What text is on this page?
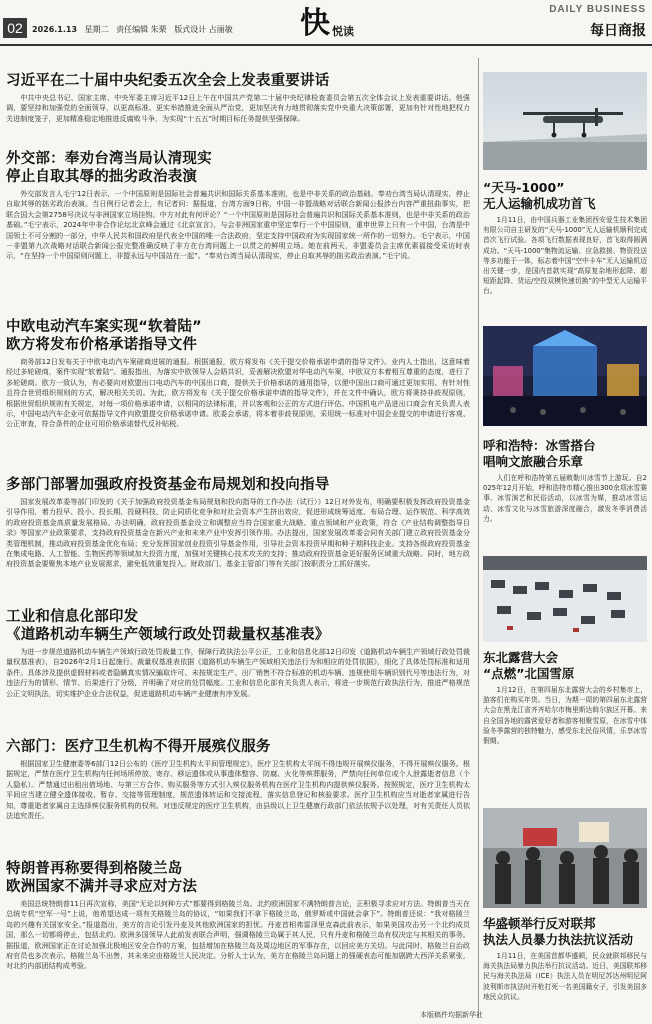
02	2026.1.13 星期二 责任编辑 朱栗 版式设计 占丽敏 快 悦读
DAILY BUSINESS
每日商报
习近平在二十届中央纪委五次全会上发表重要讲话

中共中央总书记、国家主席、中央军委主席习近平12日上午在中国共产党第二十届中央纪律检查委员会第五次全体会议上发表重要讲话。他强调，要坚持和加强党的全面领导，以更高标准、更实举措推进全面从严治党，更加坚决有力地贯彻落实党中央重大决策部署，更加有针对性地把权力关进制度笼子，更加精准稳定地推进反腐败斗争，为实现“十五五”时期目标任务提供坚强保障。

外交部：奉劝台湾当局认清现实
停止自取其辱的拙劣政治表演

外交部发言人毛宁12日表示，一个中国原则是国际社会普遍共识和国际关系基本准则，也是中非关系的政治基础。奉劝台湾当局认清现实，停止自取其辱的拙劣政治表演。当日例行记者会上，有记者问：据报道，台湾方面9日称，中国一非盟战略对话联合新闻公报涉台内容严重扭曲事实，把联合国大会第2758号决议与非洲国家立场挂钩。中方对此有何评论？“一个中国原则是国际社会普遍共识和国际关系基本准则，也是中非关系的政治基础。”毛宁表示，2024年中非合作论坛北京峰会通过《北京宣言》，与会非洲国家重申坚定奉行一个中国原则，重申世界上只有一个中国，台湾是中国领土不可分割的一部分，中华人民共和国政府是代表全中国的唯一合法政府，坚定支持中国政府为实现国家统一所作的一切努力。毛宁表示，中国－非盟第九次战略对话联合新闻公报完整准确反映了非方在台湾问题上一以贯之的鲜明立场。她在前两天，非盟委员会主席优素福接受采访时表示，“在坚持一个中国原则问题上，非盟永远与中国站在一起”。“奉劝台湾当局认清现实，停止自取其辱的拙劣政治表演。”毛宁说。

中欧电动汽车案实现“软着陆”
欧方将发布价格承诺指导文件

商务部12日发布关于中欧电动汽车案磋商进展的通报。根据通报，欧方将发布《关于提交价格承诺申请的指导文件》。业内人士指出，这意味着经过多轮磋商，案件实现“软着陆”。通报指出，为落实中欧领导人会晤共识，妥善解决欧盟对华电动汽车案，中欧双方本着相互尊重的态度，进行了多轮磋商。欧方一致认为，有必要向对欧盟出口电动汽车的中国出口商，提供关于价格承诺的通用指导，以便中国出口商可通过更加实用、有针对性且符合世贸组织规则的方式，解决相关关切。为此，欧方将发布《关于提交价格承诺申请的指导文件》，并在文件中确认，欧方将秉持非歧视原则，根据世贸组织规则有关规定，对每一项价格承诺申请，以相同的法律标准，并以客观和公正的方式进行评估。中国机电产品进出口商会有关负责人表示，中国电动汽车企业可依据指导文件向欧盟提交价格承诺申请。欧委会承诺，将本着非歧视原则，采用统一标准对中国企业提交的申请进行客观、公正审查，符合条件的企业可用价格承诺替代反补贴税。

多部门部署加强政府投资基金布局规划和投向指导

国家发展改革委等部门印发的《关于加强政府投资基金布局规划和投向指导的工作办法（试行）》12日对外发布，明确要积极发挥政府投资基金引导作用，着力投早、投小、投长期、投硬科技，防止同质化竞争和对社会资本产生挤出效应，促进形成统筹适度、布局合理、运作规范、科学高效的政府投资基金高质量发展格局。办法明确，政府投资基金设立和调整应当符合国家重大战略、重点领域和产业政策，符合《产业结构调整指导目录》等国家产业政策要求，支持政府投资基金在新兴产业和未来产业中发挥引领作用。办法提出，国家发展改革委会同有关部门建立政府投资基金分类管理机制，推动政府投资基金优化布局；充分发挥国家创业投资引导基金作用，引导社会资本投资早期和种子期科技企业。支持各级政府投资基金在集成电路、人工智能、生物医药等领域加大投资力度，加强对关键核心技术攻关的支持；推动政府投资基金更好服务区域重大战略。同时，地方政府投资基金要聚焦本地产业发展需求，避免低效重复投入。财政部门、基金主管部门等有关部门按职责分工抓好落实。

工业和信息化部印发
《道路机动车辆生产领域行政处罚裁量权基准表》

为进一步规范道路机动车辆生产领域行政处罚裁量工作，保障行政执法公平公正，工业和信息化部12日印发《道路机动车辆生产领域行政处罚裁量权基准表》，自2026年2月1日起施行。裁量权基准表依据《道路机动车辆生产领域相关违法行为和相应的处罚依据》，细化了具体处罚标准和适用条件。具体涉及提供虚假材料或者隐瞒真实情况骗取许可、未按规定生产、出厂销售不符合标准的机动车辆、违规使用车辆识别代号等违法行为，对违法行为的情形、情节、后果进行了分级，并明确了对应的处罚幅度。工业和信息化部有关负责人表示，将进一步规范行政执法行为，推进严格规范公正文明执法，切实维护企业合法权益，促进道路机动车辆产业健康有序发展。

六部门：医疗卫生机构不得开展殡仪服务

根据国家卫生健康委等6部门12日公布的《医疗卫生机构太平间管理规定》，医疗卫生机构太平间不得违规开展殡仪服务，不得开展殡仪服务。根据规定，严禁在医疗卫生机构内任何场所停放、寄存、移运遗体或从事遗体整容、防腐、火化等殡葬服务，严禁向任何单位或个人泄露逝者信息（个人隐私）。严禁通过出租出借场地、与第三方合作、购买服务等方式引入殡仪服务机构在医疗卫生机构内提供殡仪服务。按照规定，医疗卫生机构太平间应当建立健全遗体接收、暂存、交接等管理制度，规范遗体转运和交接流程，落实信息登记和核验要求。医疗卫生机构应当对逝者家属进行告知，尊重逝者家属自主选择殡仪服务机构的权利。对违反规定的医疗卫生机构，由县级以上卫生健康行政部门依法依规予以处理，对有关责任人员依法追究责任。

特朗普再称要得到格陵兰岛
欧洲国家不满并寻求应对方法

美国总统特朗普11日再次宣称，美国“无论以何种方式”都要得到格陵兰岛。北约欧洲国家不满特朗普言论，正积极寻求应对方法。特朗普当天在总统专机“空军一号”上说，他希望达成一项有关格陵兰岛的协议，“如果我们不拿下格陵兰岛，俄罗斯或中国就会拿下”。特朗普还说：“我对格陵兰岛的兴趣有关国家安全。”报道指出，美方的言论引发丹麦及其他欧洲国家的担忧。丹麦首相弗雷泽里克森此前表示，如果美国攻击另一个北约成员国，那么一切都将停止，包括北约。欧洲多国领导人此前发表联合声明，强调格陵兰岛属于其人民，只有丹麦和格陵兰岛有权决定与其相关的事务。据报道，欧洲国家正在讨论加强北极地区安全合作的方案，包括增加在格陵兰岛及周边地区的军事存在，以回应美方关切。与此同时，格陵兰自治政府官员也多次表示，格陵兰岛不出售，其未来应由格陵兰人民决定。分析人士认为，美方在格陵兰岛问题上的强硬表态可能加剧跨大西洋关系紧张，对北约内部团结构成考验。

“天马-1000”
无人运输机成功首飞

1月11日，由中国兵器工业集团西安爱生技术集团有限公司自主研发的“天马-1000”无人运输机顺利完成首次飞行试验。各项飞行数据表现良好，首飞取得圆满成功。“天马-1000”集物流运输、应急救援、物资投送等多功能于一体，标志着中国“空中卡车”无人运输机迈出关键一步，是国内首款实现“高原复杂地形起降、超短距起降、货运/空投双模快速切换”的中型无人运输平台。

呼和浩特：冰雪搭台
唱响文旅融合乐章

人们在呼和浩特第五届敕勒川冰雪节上游玩。自2025年12月开始，呼和浩特市精心推出300余项冰雪赛事、冰雪演艺和民俗活动，以冰雪为媒，推动冰雪运动、冰雪文化与冰雪旅游深度融合，激发冬季消费活力。

东北露营大会
“点燃”北国雪原

1月12日，在第四届东北露营大会的乡村集市上，游客们在购买年货。当日，为期一周的第四届东北露营大会在黑龙江省齐齐哈尔市梅里斯达斡尔族区开幕。来自全国各地的露营爱好者和游客相聚雪原，在冰雪中体验冬季露营的独特魅力，感受东北民俗风情，乐享冰雪假期。

华盛顿举行反对联邦
执法人员暴力执法抗议活动

1月11日，在美国首都华盛顿，民众就联邦移民与海关执法局暴力执法举行抗议活动。近日，美国联邦移民与海关执法局（ICE）执法人员在明尼苏达州明尼阿波利斯市执法时开枪打死一名美国籍女子，引发美国多地民众抗议。

本版稿件均据新华社
